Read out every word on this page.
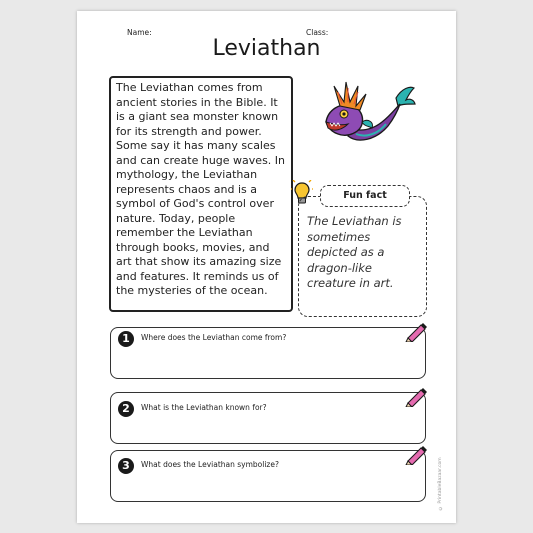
Name:	Class:
Leviathan

The Leviathan comes from ancient stories in the Bible. It is a giant sea monster known for its strength and power. Some say it has many scales and can create huge waves. In mythology, the Leviathan represents chaos and is a symbol of God's control over nature. Today, people remember the Leviathan through books, movies, and art that show its amazing size and features. It reminds us of the mysteries of the ocean.

Fun fact

The Leviathan is sometimes depicted as a dragon-like creature in art.

1	Where does the Leviathan come from?
2	What is the Leviathan known for?
3	What does the Leviathan symbolize?	© PrintableBazaar.com
